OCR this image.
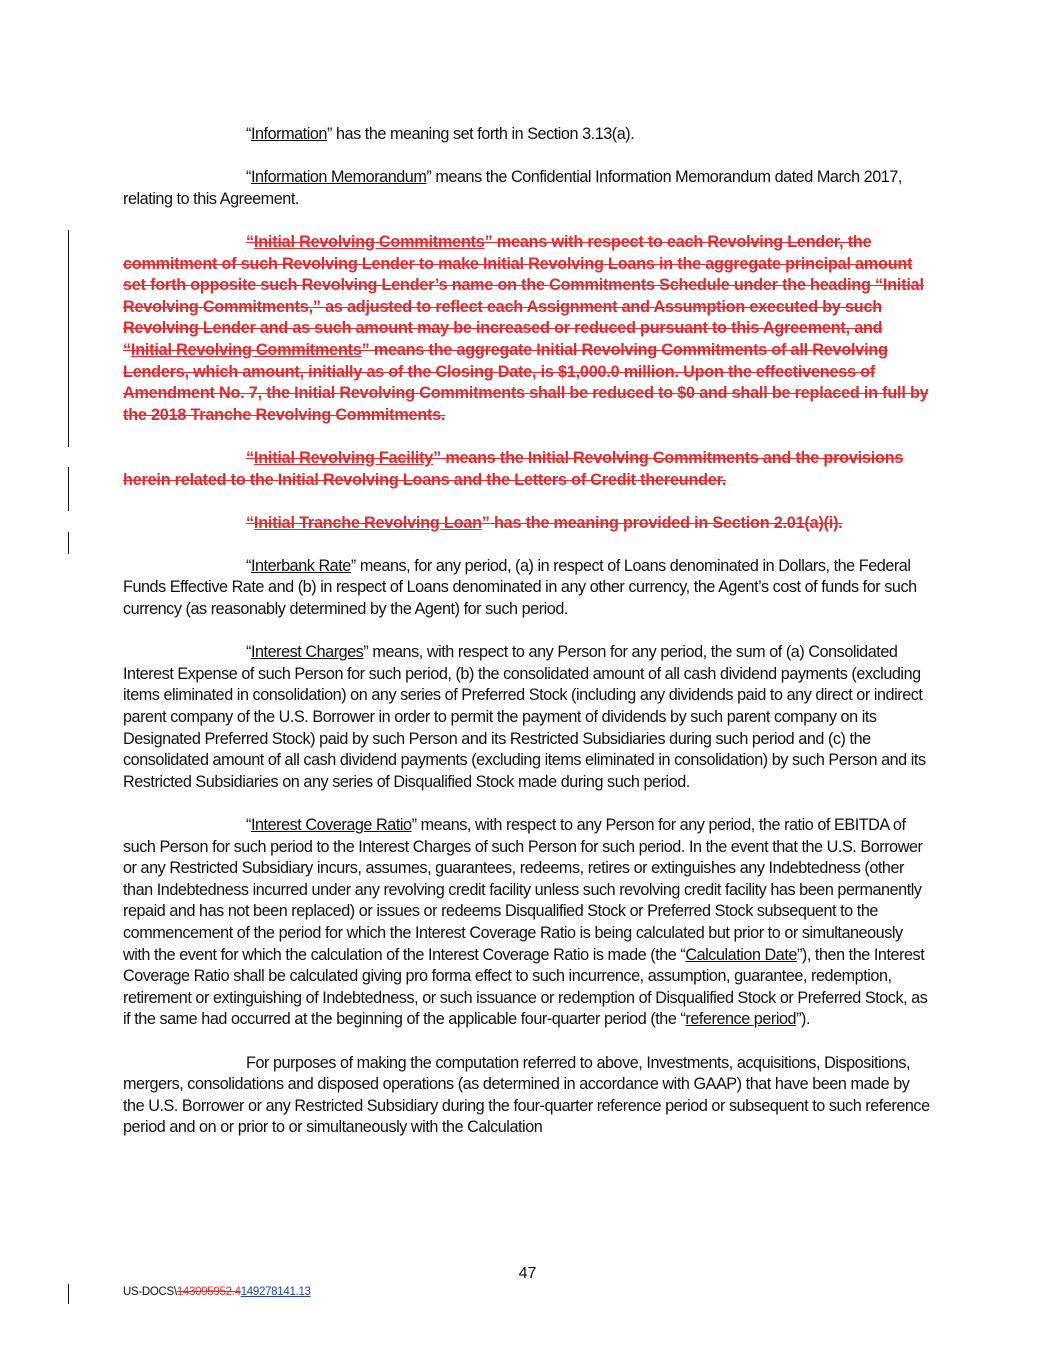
“Information” has the meaning set forth in Section 3.13(a).

“Information Memorandum” means the Confidential Information Memorandum dated March 2017, relating to this Agreement.

“Initial Revolving Commitments” means with respect to each Revolving Lender, the commitment of such Revolving Lender to make Initial Revolving Loans in the aggregate principal amount set forth opposite such Revolving Lender’s name on the Commitments Schedule under the heading “Initial Revolving Commitments,” as adjusted to reflect each Assignment and Assumption executed by such Revolving Lender and as such amount may be increased or reduced pursuant to this Agreement, and “Initial Revolving Commitments” means the aggregate Initial Revolving Commitments of all Revolving Lenders, which amount, initially as of the Closing Date, is $1,000.0 million. Upon the effectiveness of Amendment No. 7, the Initial Revolving Commitments shall be reduced to $0 and shall be replaced in full by the 2018 Tranche Revolving Commitments.

“Initial Revolving Facility” means the Initial Revolving Commitments and the provisions herein related to the Initial Revolving Loans and the Letters of Credit thereunder.

“Initial Tranche Revolving Loan” has the meaning provided in Section 2.01(a)(i).

“Interbank Rate” means, for any period, (a) in respect of Loans denominated in Dollars, the Federal Funds Effective Rate and (b) in respect of Loans denominated in any other currency, the Agent’s cost of funds for such currency (as reasonably determined by the Agent) for such period.

“Interest Charges” means, with respect to any Person for any period, the sum of (a) Consolidated Interest Expense of such Person for such period, (b) the consolidated amount of all cash dividend payments (excluding items eliminated in consolidation) on any series of Preferred Stock (including any dividends paid to any direct or indirect parent company of the U.S. Borrower in order to permit the payment of dividends by such parent company on its Designated Preferred Stock) paid by such Person and its Restricted Subsidiaries during such period and (c) the consolidated amount of all cash dividend payments (excluding items eliminated in consolidation) by such Person and its Restricted Subsidiaries on any series of Disqualified Stock made during such period.

“Interest Coverage Ratio” means, with respect to any Person for any period, the ratio of EBITDA of such Person for such period to the Interest Charges of such Person for such period. In the event that the U.S. Borrower or any Restricted Subsidiary incurs, assumes, guarantees, redeems, retires or extinguishes any Indebtedness (other than Indebtedness incurred under any revolving credit facility unless such revolving credit facility has been permanently repaid and has not been replaced) or issues or redeems Disqualified Stock or Preferred Stock subsequent to the commencement of the period for which the Interest Coverage Ratio is being calculated but prior to or simultaneously with the event for which the calculation of the Interest Coverage Ratio is made (the “Calculation Date”), then the Interest Coverage Ratio shall be calculated giving pro forma effect to such incurrence, assumption, guarantee, redemption, retirement or extinguishing of Indebtedness, or such issuance or redemption of Disqualified Stock or Preferred Stock, as if the same had occurred at the beginning of the applicable four-quarter period (the “reference period”).

For purposes of making the computation referred to above, Investments, acquisitions, Dispositions, mergers, consolidations and disposed operations (as determined in accordance with GAAP) that have been made by the U.S. Borrower or any Restricted Subsidiary during the four-quarter reference period or subsequent to such reference period and on or prior to or simultaneously with the Calculation

47
US-DOCS\143095952.4149278141.13
